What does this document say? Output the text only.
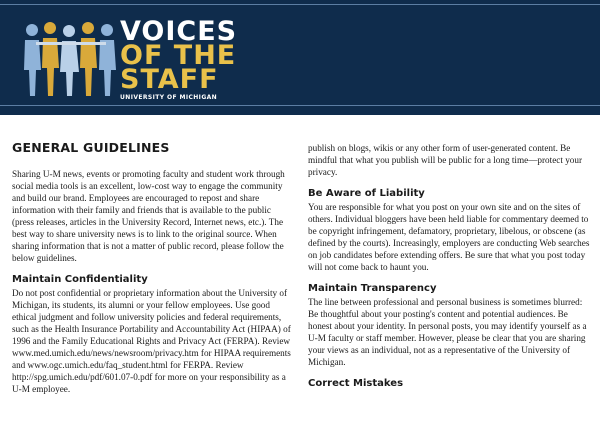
VOICES
OF THE
STAFF
UNIVERSITY OF MICHIGAN
GENERAL GUIDELINES

Sharing U-M news, events or promoting faculty and student work through social media tools is an excellent, low-cost way to engage the community and build our brand. Employees are encouraged to repost and share information with their family and friends that is available to the public (press releases, articles in the University Record, Internet news, etc.). The best way to share university news is to link to the original source. When sharing information that is not a matter of public record, please follow the below guidelines.

Maintain Confidentiality

Do not post confidential or proprietary information about the University of Michigan, its students, its alumni or your fellow employees. Use good ethical judgment and follow university policies and federal requirements, such as the Health Insurance Portability and Accountability Act (HIPAA) of 1996 and the Family Educational Rights and Privacy Act (FERPA). Review www.med.umich.edu/news/newsroom/privacy.htm for HIPAA requirements and www.ogc.umich.edu/faq_student.html for FERPA. Review http://spg.umich.edu/pdf/601.07-0.pdf for more on your responsibility as a U-M employee.

publish on blogs, wikis or any other form of user-generated content. Be mindful that what you publish will be public for a long time—protect your privacy.

Be Aware of Liability

You are responsible for what you post on your own site and on the sites of others. Individual bloggers have been held liable for commentary deemed to be copyright infringement, defamatory, proprietary, libelous, or obscene (as defined by the courts). Increasingly, employers are conducting Web searches on job candidates before extending offers. Be sure that what you post today will not come back to haunt you.

Maintain Transparency

The line between professional and personal business is sometimes blurred: Be thoughtful about your posting's content and potential audiences. Be honest about your identity. In personal posts, you may identify yourself as a U-M faculty or staff member. However, please be clear that you are sharing your views as an individual, not as a representative of the University of Michigan.

Correct Mistakes
